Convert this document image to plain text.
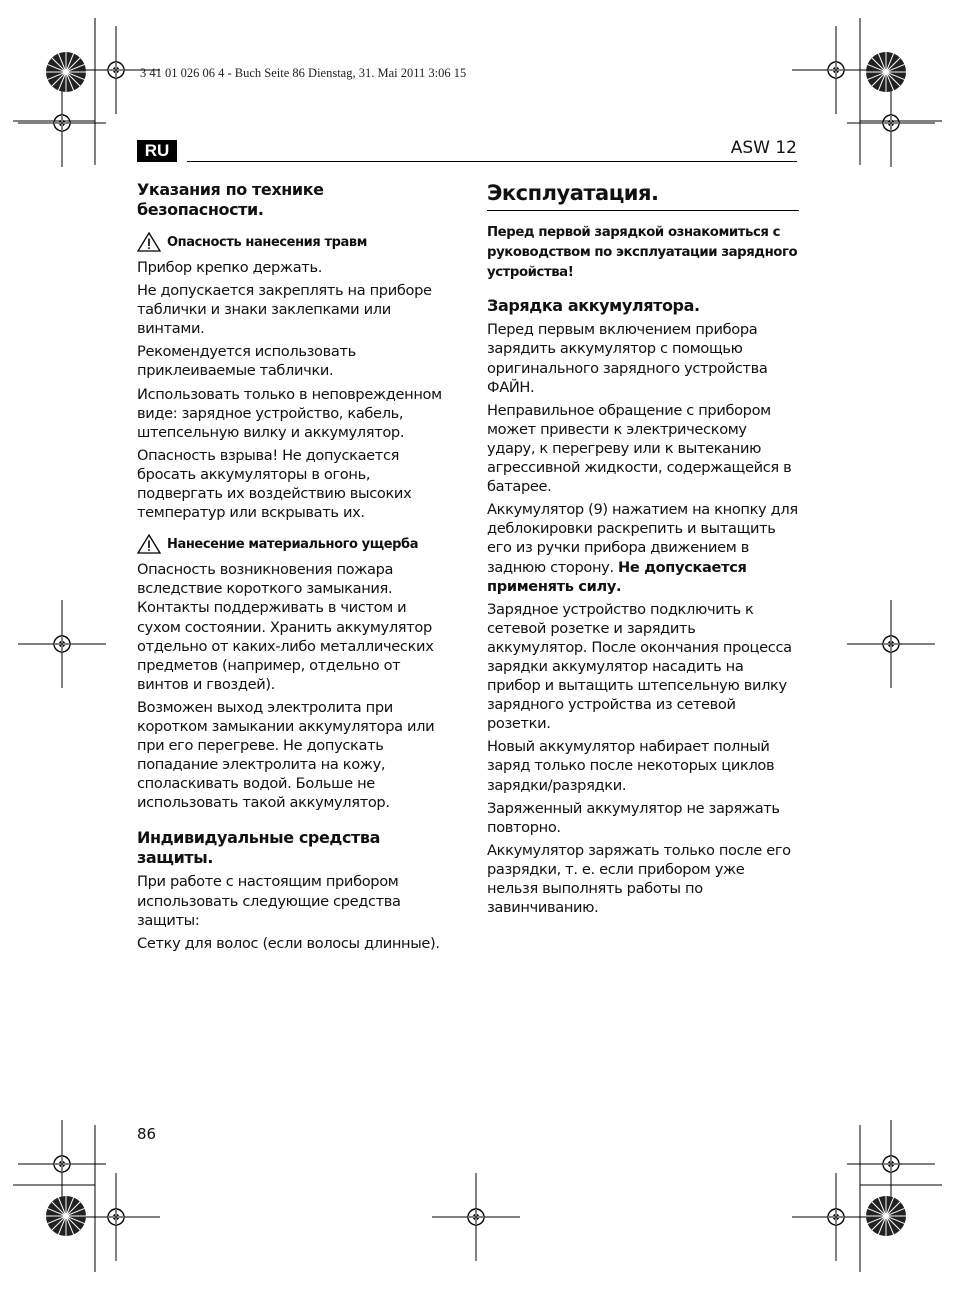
3 41 01 026 06 4 - Buch Seite 86 Dienstag, 31. Mai 2011 3:06 15
RU	ASW 12
Указания по технике безопасности.
Опасность нанесения травм

Прибор крепко держать.

Не допускается закреплять на приборе таблички и знаки заклепками или винтами.

Рекомендуется использовать приклеиваемые таблички.

Использовать только в неповрежденном виде: зарядное устройство, кабель, штепсельную вилку и аккумулятор.

Опасность взрыва! Не допускается бросать аккумуляторы в огонь, подвергать их воздействию высоких температур или вскрывать их.

Нанесение материального ущерба

Опасность возникновения пожара вследствие короткого замыкания. Контакты поддерживать в чистом и сухом состоянии. Хранить аккумулятор отдельно от каких-либо металлических предметов (например, отдельно от винтов и гвоздей).

Возможен выход электролита при коротком замыкании аккумулятора или при его перегреве. Не допускать попадание электролита на кожу, споласкивать водой. Больше не использовать такой аккумулятор.

Индивидуальные средства защиты.

При работе с настоящим прибором использовать следующие средства защиты:

Сетку для волос (если волосы длинные).

Эксплуатация.

Перед первой зарядкой ознакомиться с руководством по эксплуатации зарядного устройства!

Зарядка аккумулятора.

Перед первым включением прибора зарядить аккумулятор с помощью оригинального зарядного устройства ФАЙН.

Неправильное обращение с прибором может привести к электрическому удару, к перегреву или к вытеканию агрессивной жидкости, содержащейся в батарее.

Аккумулятор (9) нажатием на кнопку для деблокировки раскрепить и вытащить его из ручки прибора движением в заднюю сторону. Не допускается применять силу.

Зарядное устройство подключить к сетевой розетке и зарядить аккумулятор. После окончания процесса зарядки аккумулятор насадить на прибор и вытащить штепсельную вилку зарядного устройства из сетевой розетки.

Новый аккумулятор набирает полный заряд только после некоторых циклов зарядки/разрядки.

Заряженный аккумулятор не заряжать повторно.

Аккумулятор заряжать только после его разрядки, т. е. если прибором уже нельзя выполнять работы по завинчиванию.

86
